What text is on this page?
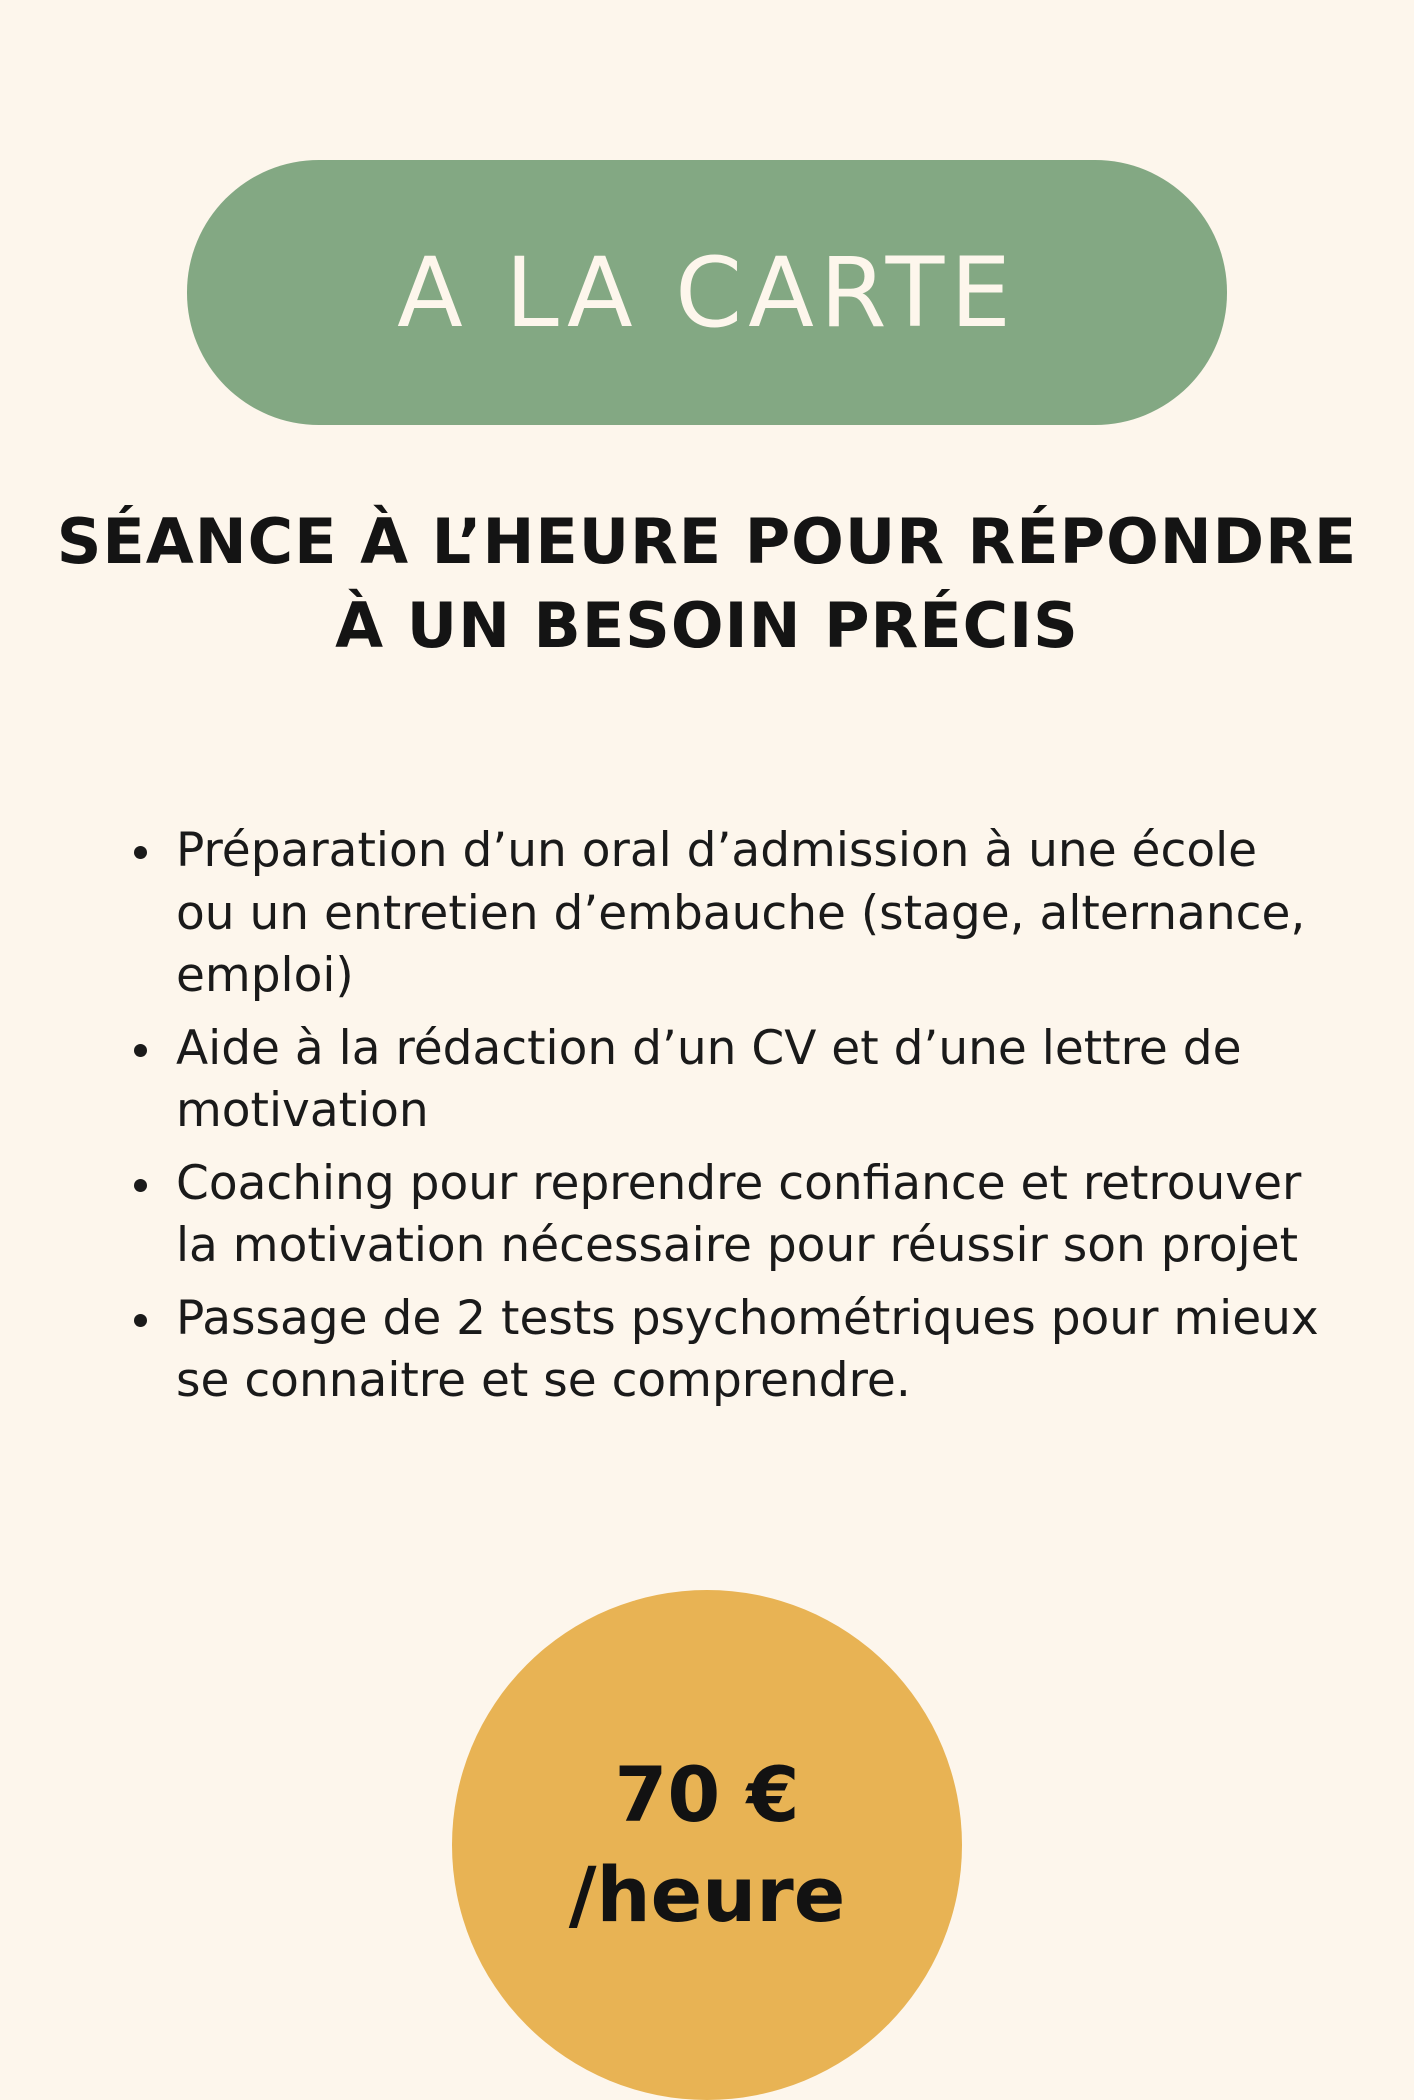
A LA CARTE
SÉANCE À L’HEURE POUR RÉPONDRE À UN BESOIN PRÉCIS
Préparation d’un oral d’admission à une école ou un entretien d’embauche (stage, alternance, emploi)
Aide à la rédaction d’un CV et d’une lettre de motivation
Coaching pour reprendre confiance et retrouver la motivation nécessaire pour réussir son projet
Passage de 2 tests psychométriques pour mieux se connaitre et se comprendre.
70 €
/heure
